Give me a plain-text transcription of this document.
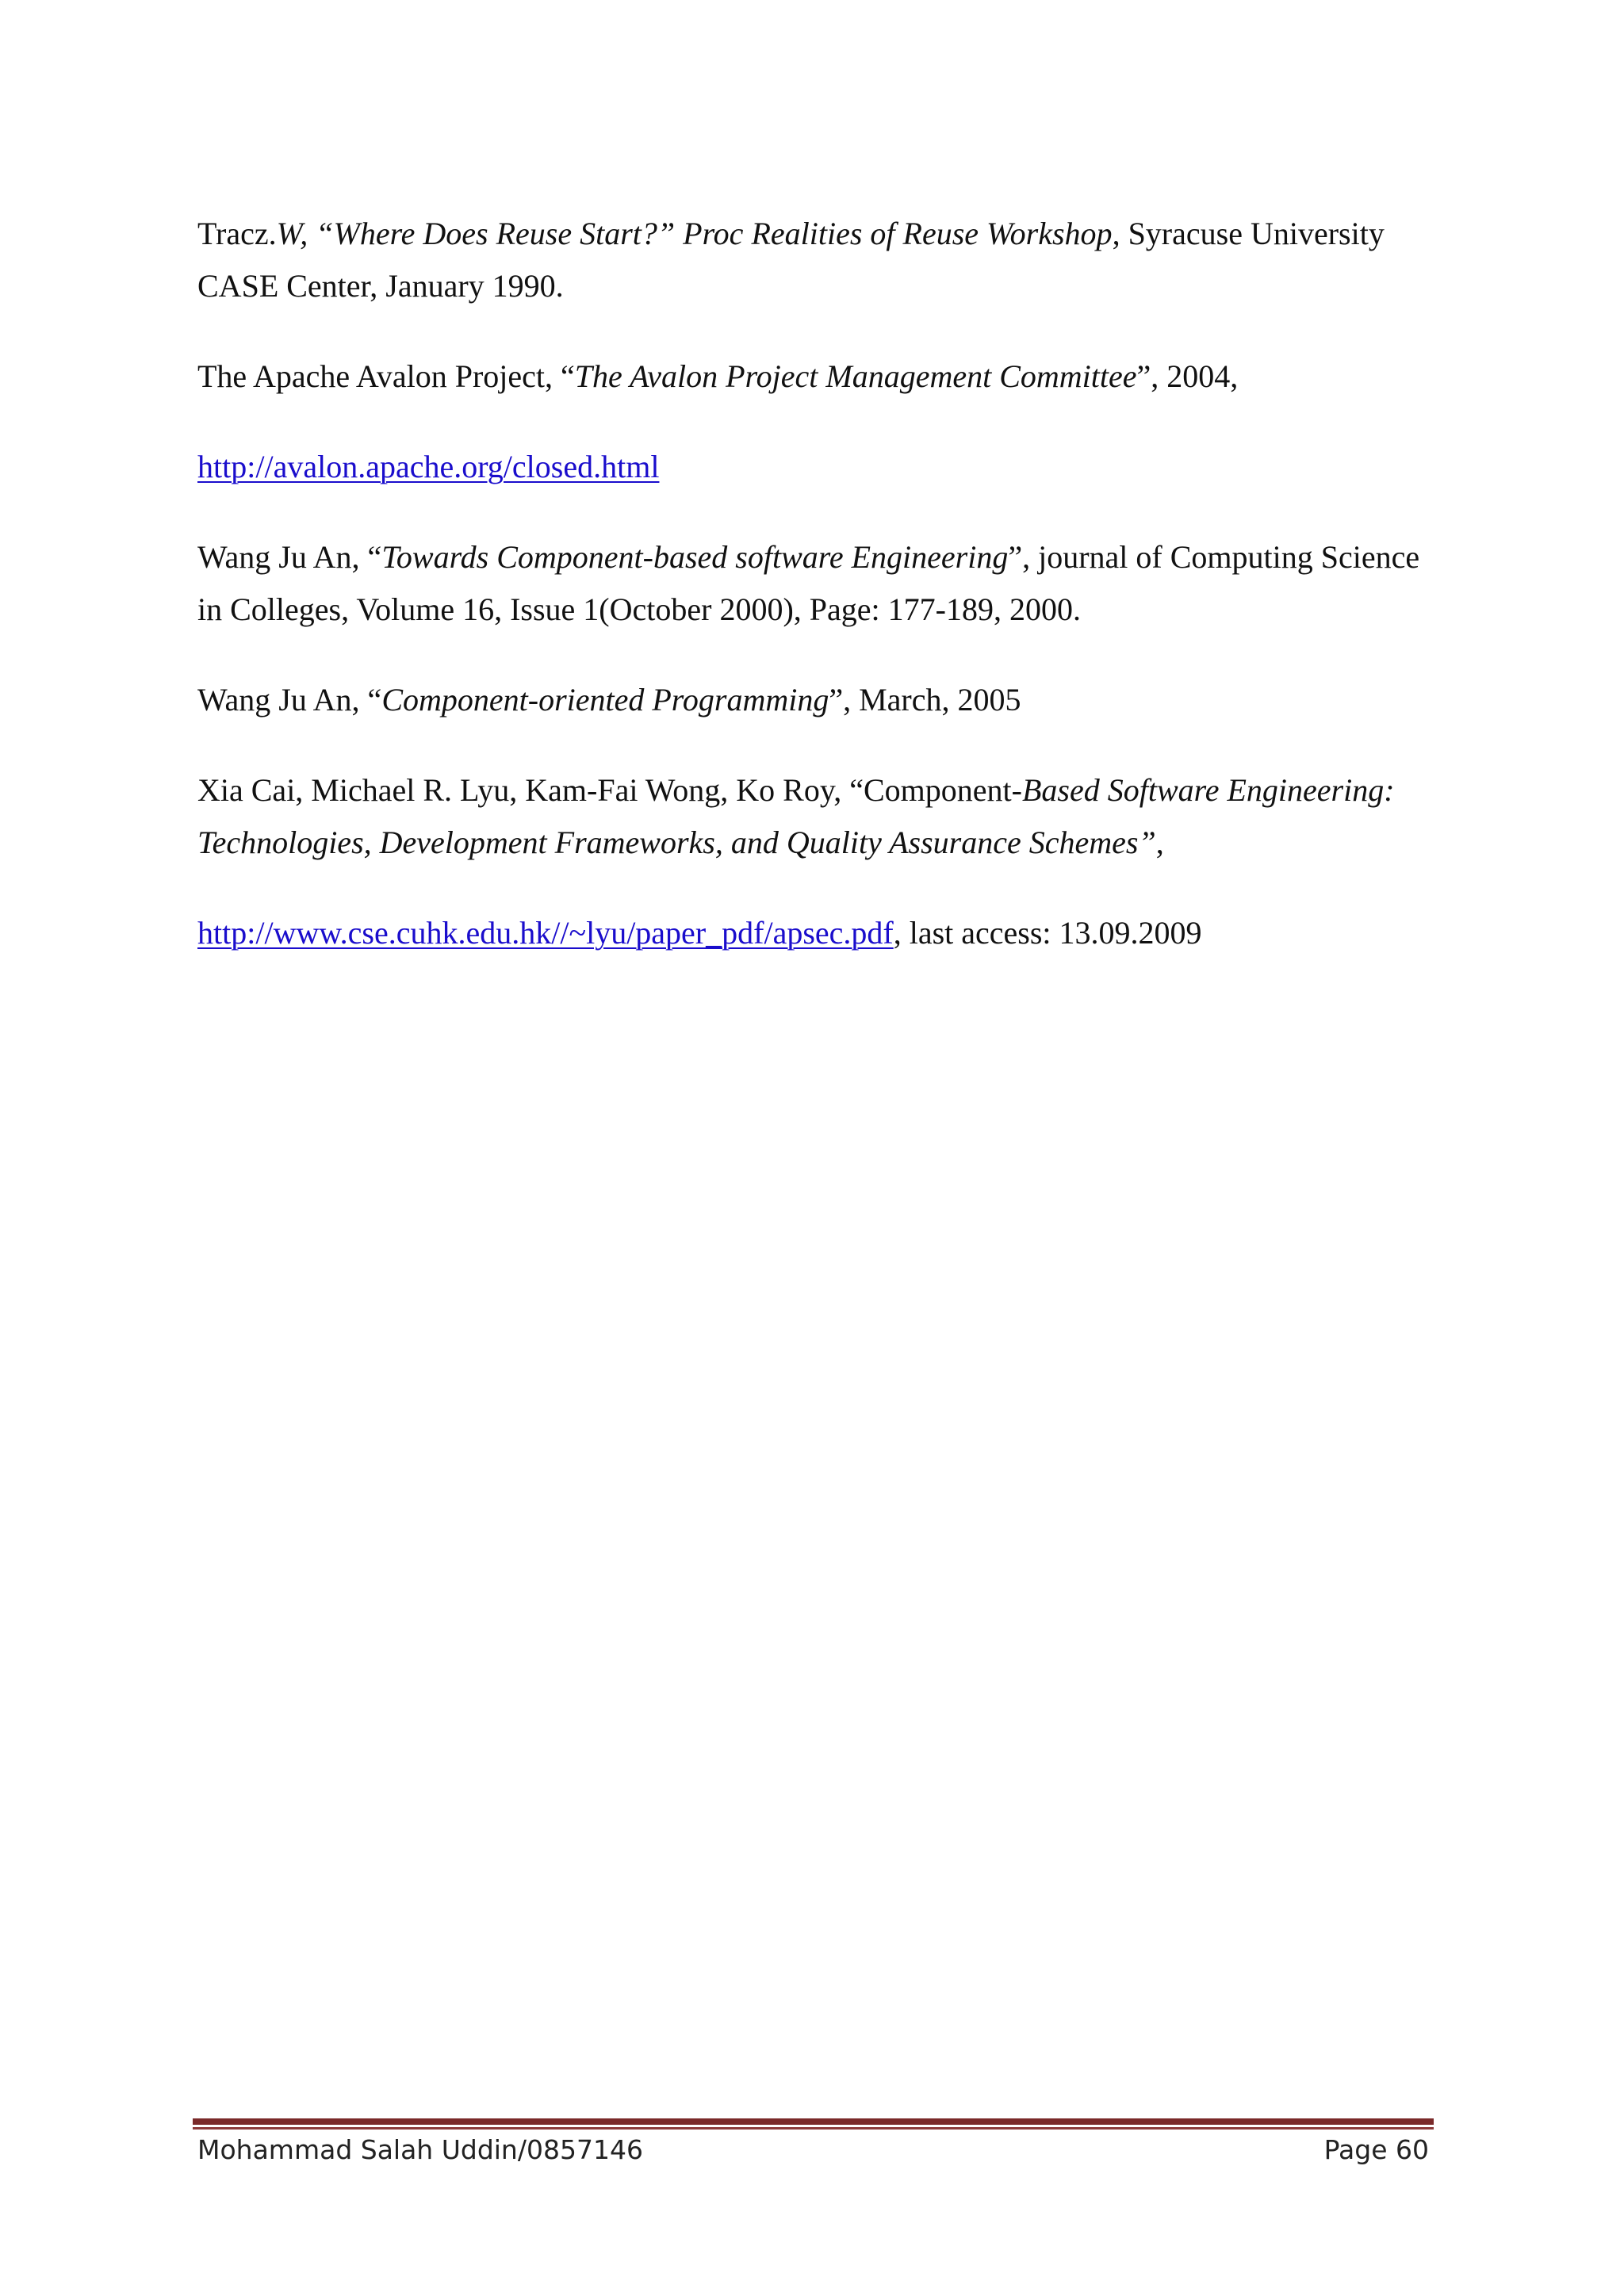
Tracz.W, “Where Does Reuse Start?” Proc Realities of Reuse Workshop, Syracuse University CASE Center, January 1990.

The Apache Avalon Project, “The Avalon Project Management Committee”, 2004,

http://avalon.apache.org/closed.html

Wang Ju An, “Towards Component-based software Engineering”, journal of Computing Science in Colleges, Volume 16, Issue 1(October 2000), Page: 177-189, 2000.

Wang Ju An, “Component-oriented Programming”, March, 2005

Xia Cai, Michael R. Lyu, Kam-Fai Wong, Ko Roy, “Component-Based Software Engineering: Technologies, Development Frameworks, and Quality Assurance Schemes”,

http://www.cse.cuhk.edu.hk//~lyu/paper_pdf/apsec.pdf, last access: 13.09.2009

Mohammad Salah Uddin/0857146	Page 60
